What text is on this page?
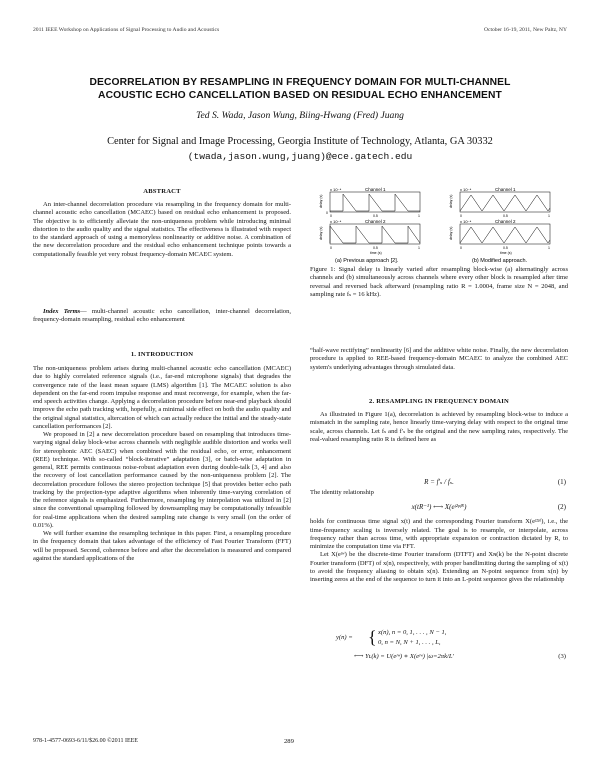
2011 IEEE Workshop on Applications of Signal Processing to Audio and Acoustics	October 16-19, 2011, New Paltz, NY
DECORRELATION BY RESAMPLING IN FREQUENCY DOMAIN FOR MULTI-CHANNEL
ACOUSTIC ECHO CANCELLATION BASED ON RESIDUAL ECHO ENHANCEMENT
Ted S. Wada, Jason Wung, Biing-Hwang (Fred) Juang
Center for Signal and Image Processing, Georgia Institute of Technology, Atlanta, GA 30332
(twada,jason.wung,juang)@ece.gatech.edu
ABSTRACT

An inter-channel decorrelation procedure via resampling in the frequency domain for multi-channel acoustic echo cancellation (MCAEC) based on residual echo enhancement is proposed. The objective is to efficiently alleviate the non-uniqueness problem while introducing minimal distortion to the audio quality and the signal statistics. The effectiveness is illustrated with respect to the standard approach of using a memoryless nonlinearity or additive noise. A combination of the new decorrelation procedure and the residual echo enhancement technique points towards a computationally feasible yet very robust frequency-domain MCAEC system.

Index Terms— multi-channel acoustic echo cancellation, inter-channel decorrelation, frequency-domain resampling, residual echo enhancement

1. INTRODUCTION

The non-uniqueness problem arises during multi-channel acoustic echo cancellation (MCAEC) due to highly correlated reference signals (i.e., far-end microphone signals) that degrades the convergence rate of the least mean square (LMS) algorithm [1]. The MCAEC solution is also dependent on the far-end room impulse response and must reconverge, for example, when the far-end speech activities change. Applying a decorrelation procedure before near-end playback should improve the echo path tracking with, hopefully, a minimal side effect on both the audio quality and the original signal statistics, altercation of which can actually reduce the initial and the steady-state cancellation performances [2].

We proposed in [2] a new decorrelation procedure based on resampling that introduces time-varying signal delay block-wise across channels with negligible audible distortion and works well for stereophonic AEC (SAEC) when combined with the residual echo, or error, enhancement (REE) technique. With so-called “block-iterative” adaptation [3], or batch-wise adaptation in general, REE permits continuous noise-robust adaptation even during double-talk [3, 4] and also the recovery of lost cancellation performance caused by the non-uniqueness problem [2]. The decorrelation procedure follows the stereo projection technique [5] that provides better echo path tracking by the projection-type adaptive algorithms when inherently time-varying correlation of the reference signals is emphasized. Furthermore, resampling by interpolation was utilized in [2] since the conventional upsampling followed by downsampling may be computationally infeasible for real-time applications when the desired sampling rate change is very small (on the order of 0.01%).

We will further examine the resampling technique in this paper. First, a resampling procedure in the frequency domain that takes advantage of the efficiency of Fast Fourier Transform (FFT) will be proposed. Second, coherence before and after the decorrelation is measured and compared against the standard applications of the

x 10⁻⁴	Channel 1
0
delay (s)
0	0.5	1
x 10⁻⁴	Channel 2
delay (s)
0	0.5	1
time (s)
x 10⁻⁴	Channel 1
delay (s)
0	0.5	1
x 10⁻⁴	Channel 2
delay (s)
0	0.5	1
time (s)
(a) Previous approach [2].	(b) Modified approach.

Figure 1: Signal delay is linearly varied after resampling block-wise (a) alternatingly across channels and (b) simultaneously across channels where every other block is resampled after time reversal and reversed back afterward (resampling ratio R = 1.0004, frame size N = 2048, and sampling rate fₛ = 16 kHz).

“half-wave rectifying” nonlinearity [6] and the additive white noise. Finally, the new decorrelation procedure is applied to REE-based frequency-domain MCAEC to analyze the combined AEC system's underlying advantages through simulated data.

2. RESAMPLING IN FREQUENCY DOMAIN

As illustrated in Figure 1(a), decorrelation is achieved by resampling block-wise to induce a mismatch in the sampling rate, hence linearly time-varying delay with respect to the original time scale, across channels. Let fₛ and f′ₛ be the original and the new sampling rates, respectively. The real-valued resampling ratio R is defined here as

R = f′ₛ / fₛ.	(1)

The identity relationship

x(tR⁻¹) ⟷ X(eʲ²ᵖᶠᴿ)	(2)

holds for continuous time signal x(t) and the corresponding Fourier transform X(eʲ²ᵖᶠ), i.e., the time-frequency scaling is inversely related. The goal is to resample, or interpolate, across frequency rather than across time, with appropriate expansion or contraction dictated by R, to minimize the computation time via FFT.

Let X(eʲʷ) be the discrete-time Fourier transform (DTFT) and Xɴ(k) be the N-point discrete Fourier transform (DFT) of x(n), respectively, with proper bandlimiting during the sampling of x(t) to avoid the frequency aliasing to obtain x(n). Extending an N-point sequence from x(n) by inserting zeros at the end of the sequence to turn it into an L-point sequence gives the relationship

y(n) = { x(n), n = 0, 1, . . . , N − 1,
0, n = N, N + 1, . . . , L,
⟷ Yʟ(k) = U(eʲʷ) ∗ X(eʲʷ) |ω=2πk/L′	(3)
978-1-4577-0693-6/11/$26.00 ©2011 IEEE	289
